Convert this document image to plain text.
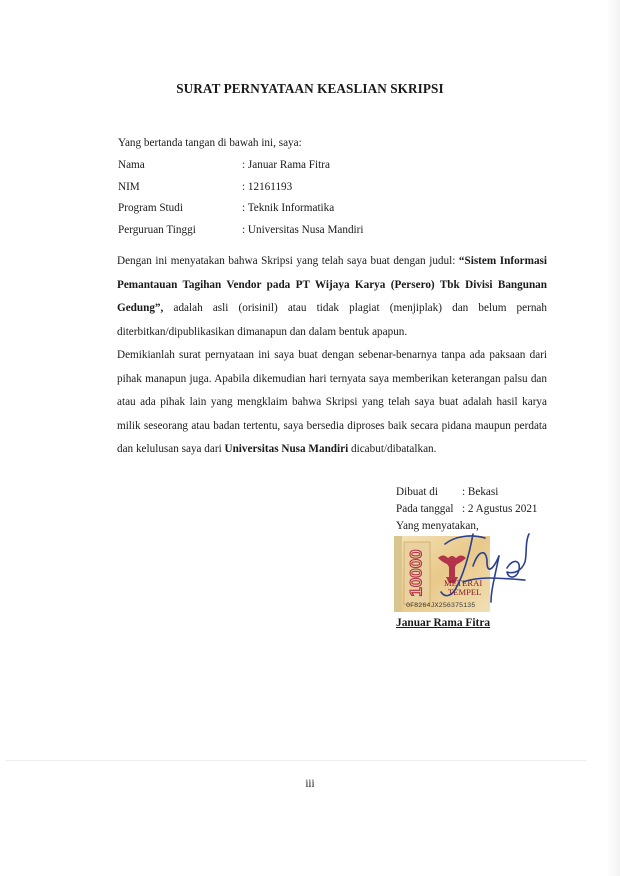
SURAT PERNYATAAN KEASLIAN SKRIPSI
Yang bertanda tangan di bawah ini, saya:
Nama	: Januar Rama Fitra
NIM	: 12161193
Program Studi	: Teknik Informatika
Perguruan Tinggi	: Universitas Nusa Mandiri
Dengan ini menyatakan bahwa Skripsi yang telah saya buat dengan judul: “Sistem Informasi Pemantauan Tagihan Vendor pada PT Wijaya Karya (Persero) Tbk Divisi Bangunan Gedung”, adalah asli (orisinil) atau tidak plagiat (menjiplak) dan belum pernah diterbitkan/dipublikasikan dimanapun dan dalam bentuk apapun.
Demikianlah surat pernyataan ini saya buat dengan sebenar-benarnya tanpa ada paksaan dari pihak manapun juga. Apabila dikemudian hari ternyata saya memberikan keterangan palsu dan atau ada pihak lain yang mengklaim bahwa Skripsi yang telah saya buat adalah hasil karya milik seseorang atau badan tertentu, saya bersedia diproses baik secara pidana maupun perdata dan kelulusan saya dari Universitas Nusa Mandiri dicabut/dibatalkan.
Dibuat di : Bekasi
Pada tanggal : 2 Agustus 2021
Yang menyatakan,
10000 METERAI
TEMPEL
0F8264JX256375135
Januar Rama Fitra
iii
